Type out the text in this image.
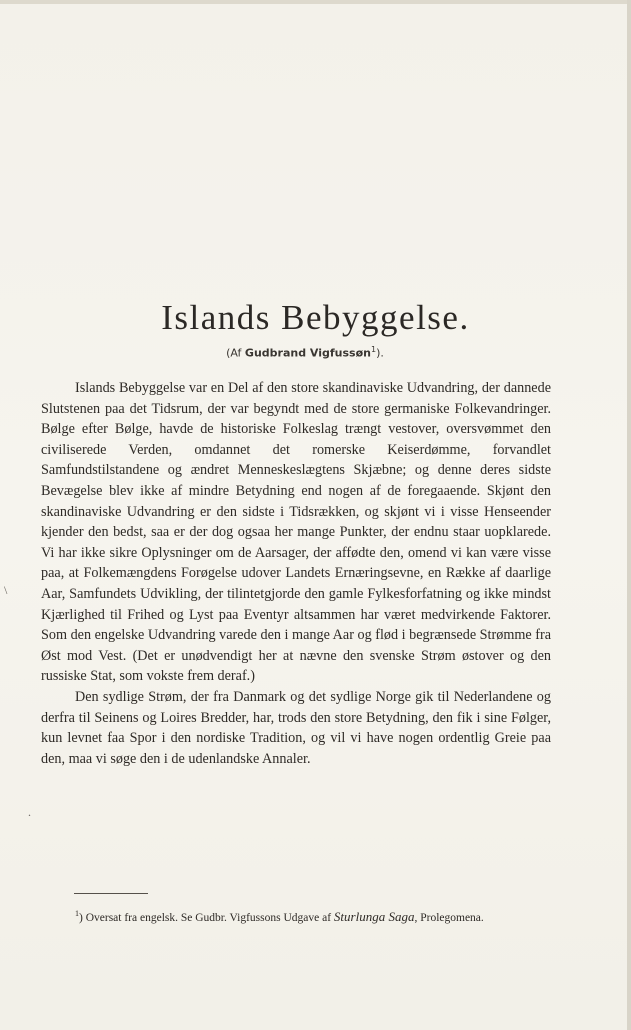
Islands Bebyggelse.
(Af Gudbrand Vigfussøn$^1$).

Islands Bebyggelse var en Del af den store skandinaviske Udvandring, der dannede Slutstenen paa det Tidsrum, der var begyndt med de store germaniske Folkevandringer. Bølge efter Bølge, havde de historiske Folkeslag trængt vestover, oversvømmet den civiliserede Verden, omdannet det romerske Keiserdømme, forvandlet Samfundstilstandene og ændret Menneskeslægtens Skjæbne; og denne deres sidste Bevægelse blev ikke af mindre Betydning end nogen af de foregaaende. Skjønt den skandinaviske Udvandring er den sidste i Tidsrækken, og skjønt vi i visse Henseender kjender den bedst, saa er der dog ogsaa her mange Punkter, der endnu staar uopklarede. Vi har ikke sikre Oplysninger om de Aarsager, der affødte den, omend vi kan være visse paa, at Folkemængdens Forøgelse udover Landets Ernæringsevne, en Række af daarlige Aar, Samfundets Udvikling, der tilintetgjorde den gamle Fylkesforfatning og ikke mindst Kjærlighed til Frihed og Lyst paa Eventyr altsammen har været medvirkende Faktorer. Som den engelske Udvandring varede den i mange Aar og flød i begrænsede Strømme fra Øst mod Vest. (Det er unødvendigt her at nævne den svenske Strøm østover og den russiske Stat, som vokste frem deraf.)

Den sydlige Strøm, der fra Danmark og det sydlige Norge gik til Nederlandene og derfra til Seinens og Loires Bredder, har, trods den store Betydning, den fik i sine Følger, kun levnet faa Spor i den nordiske Tradition, og vil vi have nogen ordentlig Greie paa den, maa vi søge den i de udenlandske Annaler.

$^1$) Oversat fra engelsk. Se Gudbr. Vigfussons Udgave af Sturlunga Saga, Prolegomena.
\
.
